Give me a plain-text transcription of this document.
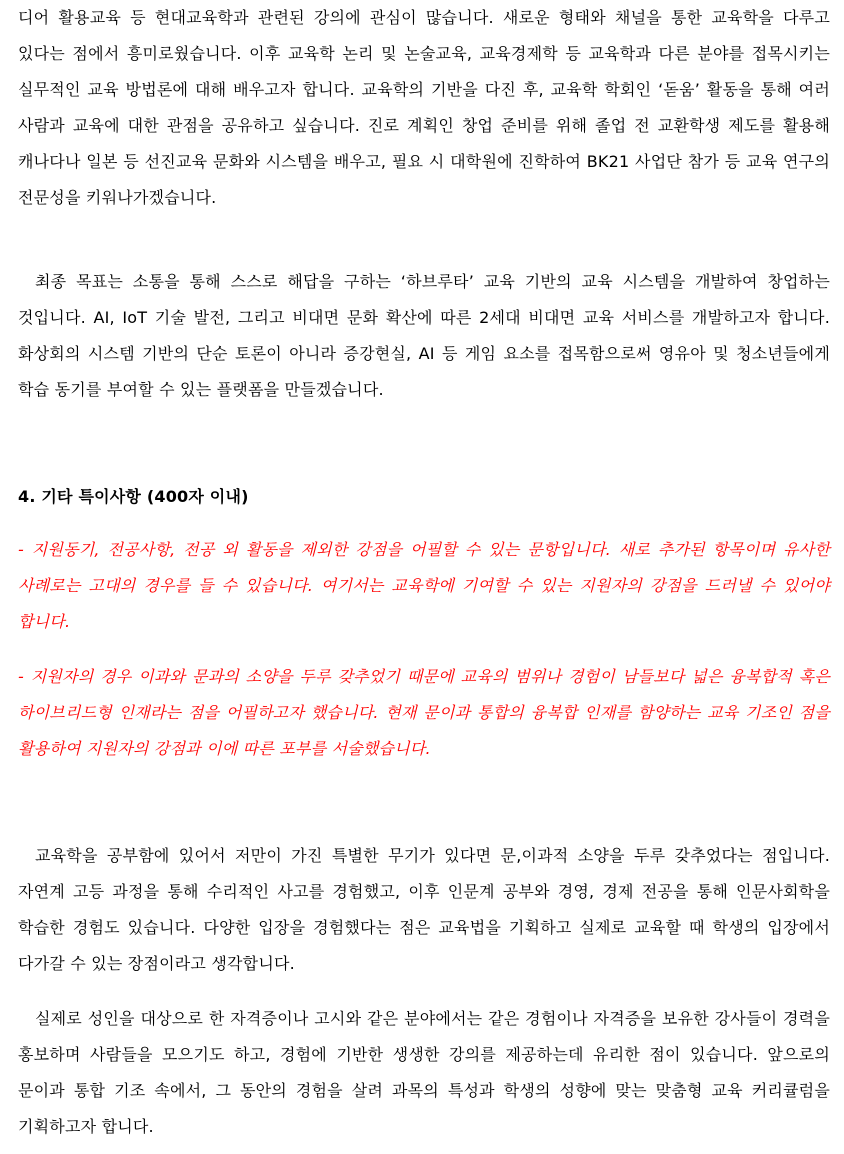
디어 활용교육 등 현대교육학과 관련된 강의에 관심이 많습니다. 새로운 형태와 채널을 통한 교육학을 다루고 있다는 점에서 흥미로웠습니다. 이후 교육학 논리 및 논술교육, 교육경제학 등 교육학과 다른 분야를 접목시키는 실무적인 교육 방법론에 대해 배우고자 합니다. 교육학의 기반을 다진 후, 교육학 학회인 ‘돋움’ 활동을 통해 여러 사람과 교육에 대한 관점을 공유하고 싶습니다. 진로 계획인 창업 준비를 위해 졸업 전 교환학생 제도를 활용해 캐나다나 일본 등 선진교육 문화와 시스템을 배우고, 필요 시 대학원에 진학하여 BK21 사업단 참가 등 교육 연구의 전문성을 키워나가겠습니다.

최종 목표는 소통을 통해 스스로 해답을 구하는 ‘하브루타’ 교육 기반의 교육 시스템을 개발하여 창업하는 것입니다. AI, IoT 기술 발전, 그리고 비대면 문화 확산에 따른 2세대 비대면 교육 서비스를 개발하고자 합니다. 화상회의 시스템 기반의 단순 토론이 아니라 증강현실, AI 등 게임 요소를 접목함으로써 영유아 및 청소년들에게 학습 동기를 부여할 수 있는 플랫폼을 만들겠습니다.

4. 기타 특이사항 (400자 이내)

- 지원동기, 전공사항, 전공 외 활동을 제외한 강점을 어필할 수 있는 문항입니다. 새로 추가된 항목이며 유사한 사례로는 고대의 경우를 들 수 있습니다. 여기서는 교육학에 기여할 수 있는 지원자의 강점을 드러낼 수 있어야 합니다.

- 지원자의 경우 이과와 문과의 소양을 두루 갖추었기 때문에 교육의 범위나 경험이 남들보다 넓은 융복합적 혹은 하이브리드형 인재라는 점을 어필하고자 했습니다. 현재 문이과 통합의 융복합 인재를 함양하는 교육 기조인 점을 활용하여 지원자의 강점과 이에 따른 포부를 서술했습니다.

교육학을 공부함에 있어서 저만이 가진 특별한 무기가 있다면 문,이과적 소양을 두루 갖추었다는 점입니다. 자연계 고등 과정을 통해 수리적인 사고를 경험했고, 이후 인문계 공부와 경영, 경제 전공을 통해 인문사회학을 학습한 경험도 있습니다. 다양한 입장을 경험했다는 점은 교육법을 기획하고 실제로 교육할 때 학생의 입장에서 다가갈 수 있는 장점이라고 생각합니다.

실제로 성인을 대상으로 한 자격증이나 고시와 같은 분야에서는 같은 경험이나 자격증을 보유한 강사들이 경력을 홍보하며 사람들을 모으기도 하고, 경험에 기반한 생생한 강의를 제공하는데 유리한 점이 있습니다. 앞으로의 문이과 통합 기조 속에서, 그 동안의 경험을 살려 과목의 특성과 학생의 성향에 맞는 맞춤형 교육 커리큘럼을 기획하고자 합니다.
